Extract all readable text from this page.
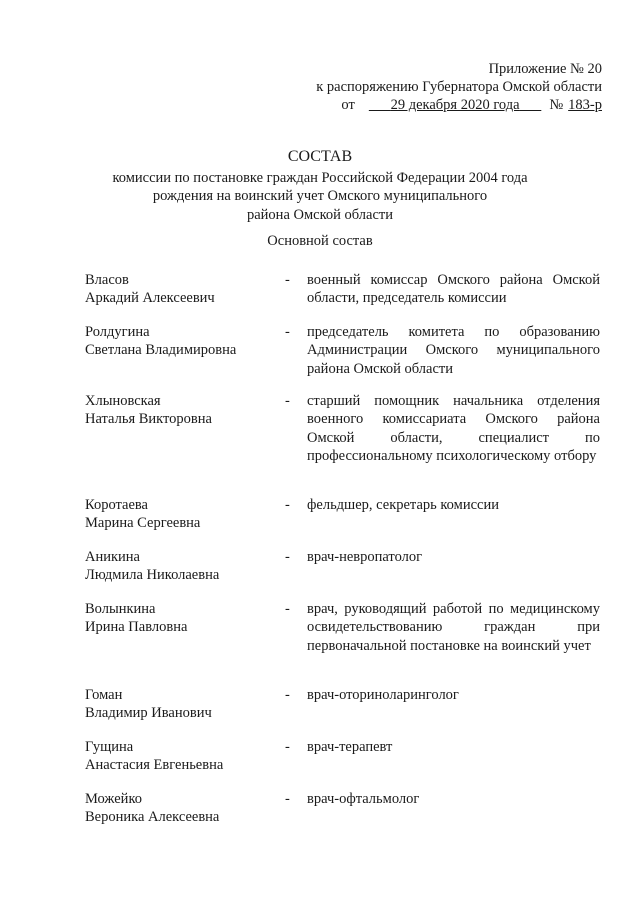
Приложение № 20
к распоряжению Губернатора Омской области
от   29 декабря 2020 года   № 183-р
СОСТАВ
комиссии по постановке граждан Российской Федерации 2004 года
рождения на воинский учет Омского муниципального
района Омской области
Основной состав
Власов
Аркадий Алексеевич
- военный комиссар Омского района Омской области, председатель комиссии
Ролдугина
Светлана Владимировна
- председатель комитета по образованию Администрации Омского муниципального района Омской области
Хлыновская
Наталья Викторовна
- старший помощник начальника отделения военного комиссариата Омского района Омской области, специалист по профессиональному психологическому отбору
Коротаева
Марина Сергеевна
- фельдшер, секретарь комиссии
Аникина
Людмила Николаевна
- врач-невропатолог
Волынкина
Ирина Павловна
- врач, руководящий работой по медицинскому освидетельствованию граждан при первоначальной постановке на воинский учет
Гоман
Владимир Иванович
- врач-оториноларинголог
Гущина
Анастасия Евгеньевна
- врач-терапевт
Можейко
Вероника Алексеевна
- врач-офтальмолог
